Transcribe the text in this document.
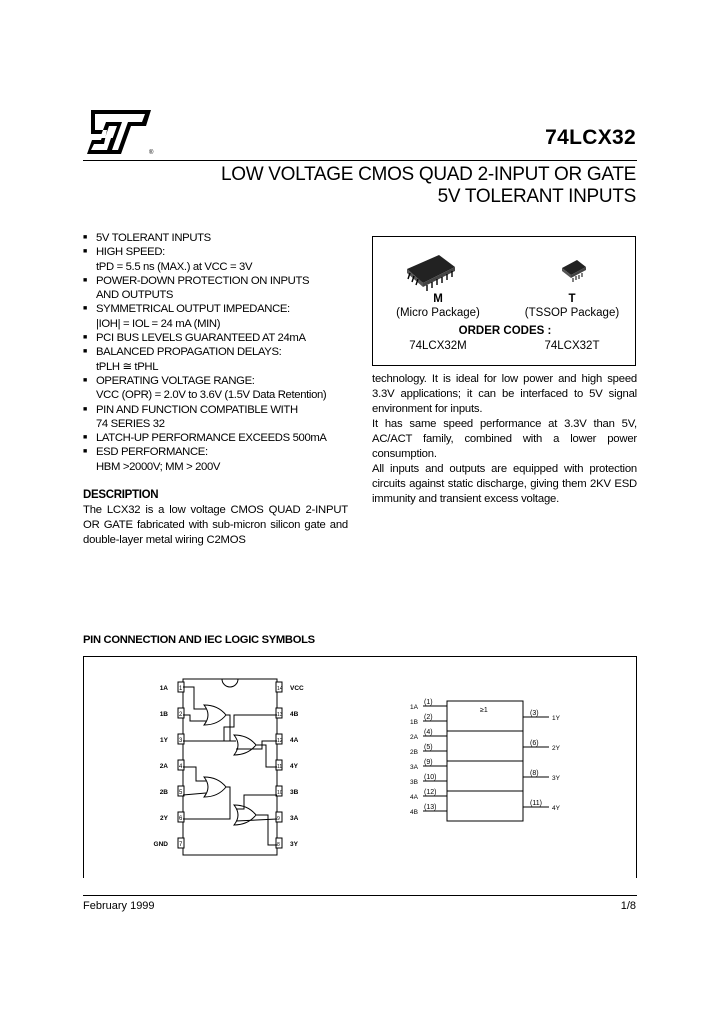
®
74LCX32
LOW VOLTAGE CMOS QUAD 2-INPUT OR GATE
5V TOLERANT INPUTS
■ 5V TOLERANT INPUTS
■ HIGH SPEED:
tPD = 5.5 ns (MAX.) at VCC = 3V
■ POWER-DOWN PROTECTION ON INPUTS
AND OUTPUTS
■ SYMMETRICAL OUTPUT IMPEDANCE:
|IOH| = IOL = 24 mA (MIN)
■ PCI BUS LEVELS GUARANTEED AT 24mA
■ BALANCED PROPAGATION DELAYS:
tPLH ≅ tPHL
■ OPERATING VOLTAGE RANGE:
VCC (OPR) = 2.0V to 3.6V (1.5V Data Retention)
■ PIN AND FUNCTION COMPATIBLE WITH
74 SERIES 32
■ LATCH-UP PERFORMANCE EXCEEDS 500mA
■ ESD PERFORMANCE:
HBM >2000V; MM > 200V
DESCRIPTION

The LCX32 is a low voltage CMOS QUAD 2-INPUT OR GATE fabricated with sub-micron silicon gate and double-layer metal wiring C2MOS

M
(Micro Package)
T
(TSSOP Package)
ORDER CODES :
74LCX32M	74LCX32T

technology. It is ideal for low power and high speed 3.3V applications; it can be interfaced to 5V signal environment for inputs.

It has same speed performance at 3.3V than 5V, AC/ACT family, combined with a lower power consumption.

All inputs and outputs are equipped with protection circuits against static discharge, giving them 2KV ESD immunity and transient excess voltage.

PIN CONNECTION AND IEC LOGIC SYMBOLS
1
1A
2
1B
3
1Y
4
2A
5
2B
6
2Y
7
GND
14 VCC
13 4B
12 4A
11 4Y
10 3B
9 3A
8 3Y
≥1
(1)
1A
(2)
1B
(4)
2A
(5)
2B
(9)
3A
(10)
3B
(12)
4A
(13)
4B
(3)
1Y
(6)
2Y
(8)
3Y
(11)
4Y
February 1999	1/8
